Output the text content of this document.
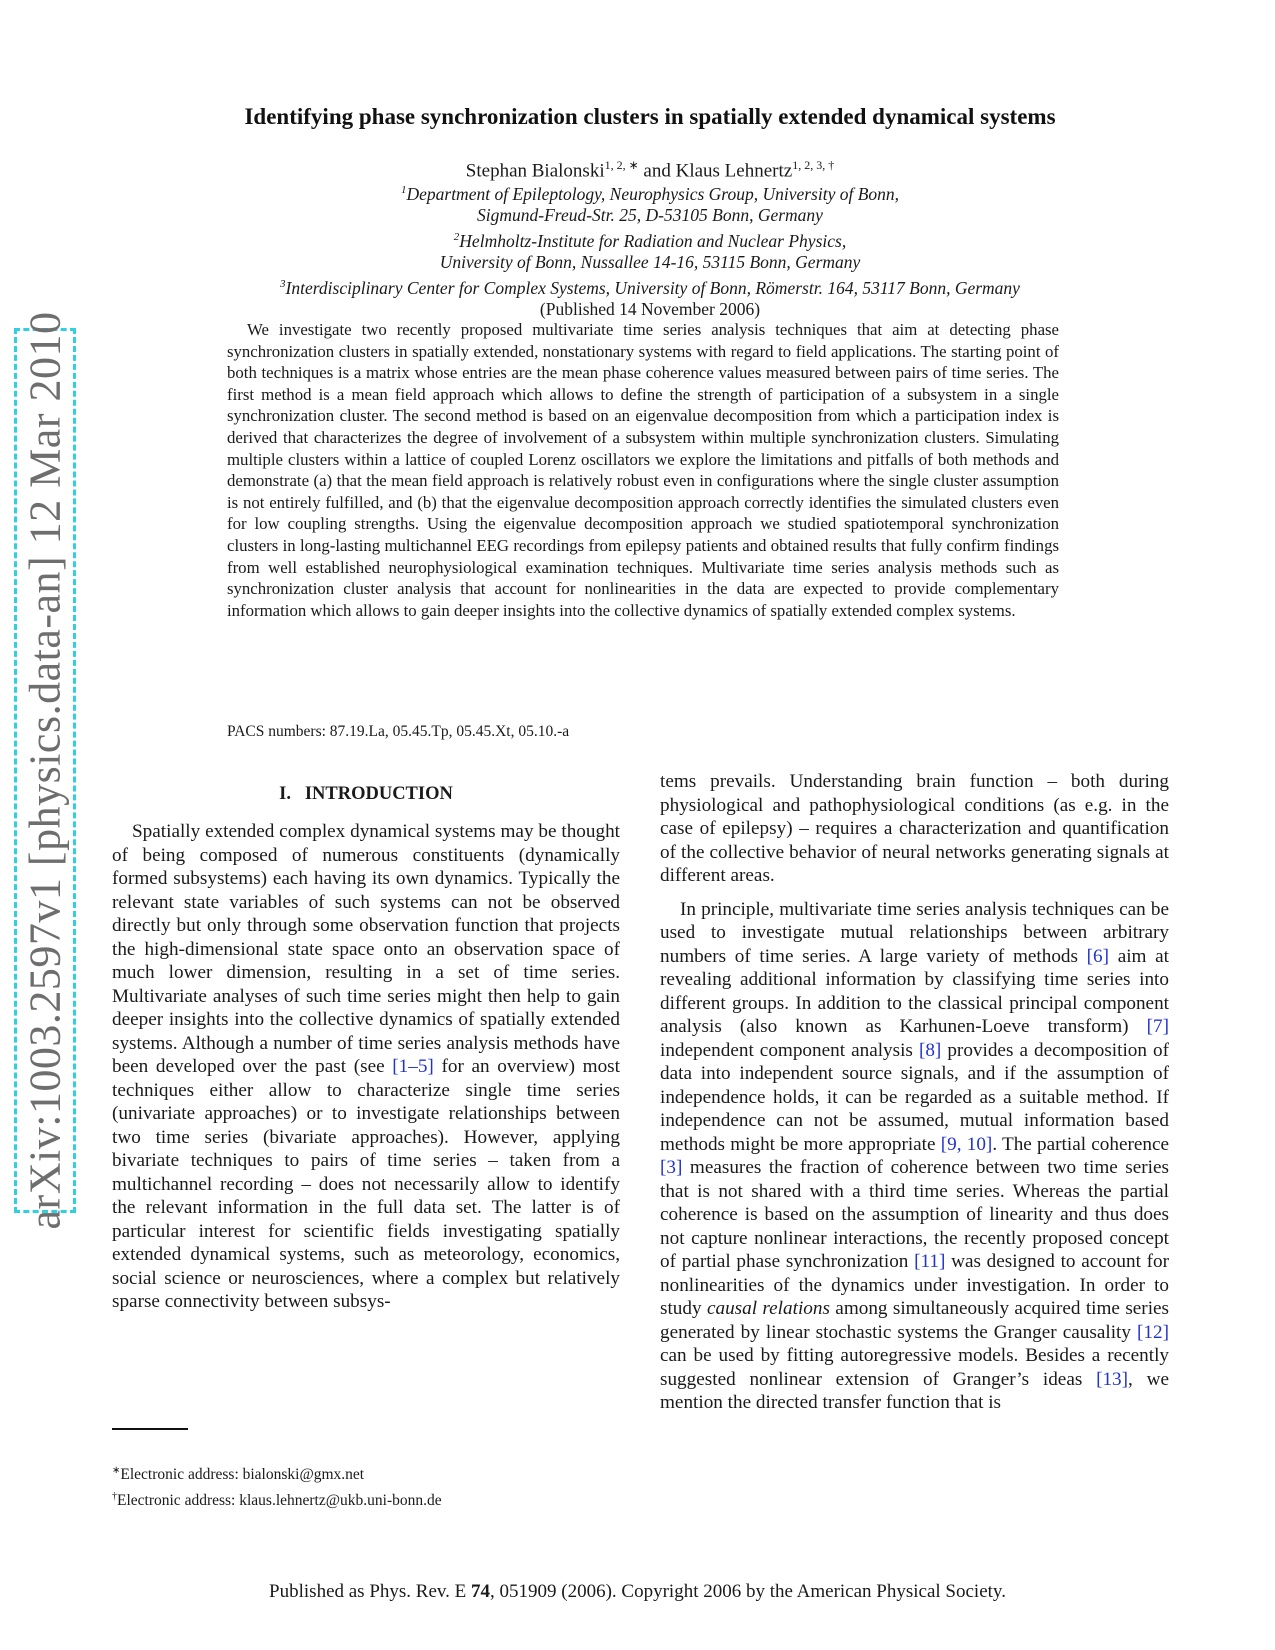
arXiv:1003.2597v1 [physics.data-an] 12 Mar 2010
Identifying phase synchronization clusters in spatially extended dynamical systems
Stephan Bialonski$^{1, 2, ∗}$ and Klaus Lehnertz$^{1, 2, 3, \dagger}$
$^1$Department of Epileptology, Neurophysics Group, University of Bonn,
Sigmund-Freud-Str. 25, D-53105 Bonn, Germany
$^2$Helmholtz-Institute for Radiation and Nuclear Physics,
University of Bonn, Nussallee 14-16, 53115 Bonn, Germany
$^3$Interdisciplinary Center for Complex Systems, University of Bonn, Römerstr. 164, 53117 Bonn, Germany
(Published 14 November 2006)

We investigate two recently proposed multivariate time series analysis techniques that aim at detecting phase synchronization clusters in spatially extended, nonstationary systems with regard to field applications. The starting point of both techniques is a matrix whose entries are the mean phase coherence values measured between pairs of time series. The first method is a mean field approach which allows to define the strength of participation of a subsystem in a single synchronization cluster. The second method is based on an eigenvalue decomposition from which a participation index is derived that characterizes the degree of involvement of a subsystem within multiple synchronization clusters. Simulating multiple clusters within a lattice of coupled Lorenz oscillators we explore the limitations and pitfalls of both methods and demonstrate (a) that the mean field approach is relatively robust even in configurations where the single cluster assumption is not entirely fulfilled, and (b) that the eigenvalue decomposition approach correctly identifies the simulated clusters even for low coupling strengths. Using the eigenvalue decomposition approach we studied spatiotemporal synchronization clusters in long-lasting multichannel EEG recordings from epilepsy patients and obtained results that fully confirm findings from well established neurophysiological examination techniques. Multivariate time series analysis methods such as synchronization cluster analysis that account for nonlinearities in the data are expected to provide complementary information which allows to gain deeper insights into the collective dynamics of spatially extended complex systems.

PACS numbers: 87.19.La, 05.45.Tp, 05.45.Xt, 05.10.-a
I. INTRODUCTION

Spatially extended complex dynamical systems may be thought of being composed of numerous constituents (dynamically formed subsystems) each having its own dynamics. Typically the relevant state variables of such systems can not be observed directly but only through some observation function that projects the high-dimensional state space onto an observation space of much lower dimension, resulting in a set of time series. Multivariate analyses of such time series might then help to gain deeper insights into the collective dynamics of spatially extended systems. Although a number of time series analysis methods have been developed over the past (see [1–5] for an overview) most techniques either allow to characterize single time series (univariate approaches) or to investigate relationships between two time series (bivariate approaches). However, applying bivariate techniques to pairs of time series – taken from a multichannel recording – does not necessarily allow to identify the relevant information in the full data set. The latter is of particular interest for scientific fields investigating spatially extended dynamical systems, such as meteorology, economics, social science or neurosciences, where a complex but relatively sparse connectivity between subsys-

tems prevails. Understanding brain function – both during physiological and pathophysiological conditions (as e.g. in the case of epilepsy) – requires a characterization and quantification of the collective behavior of neural networks generating signals at different areas.

In principle, multivariate time series analysis techniques can be used to investigate mutual relationships between arbitrary numbers of time series. A large variety of methods [6] aim at revealing additional information by classifying time series into different groups. In addition to the classical principal component analysis (also known as Karhunen-Loeve transform) [7] independent component analysis [8] provides a decomposition of data into independent source signals, and if the assumption of independence holds, it can be regarded as a suitable method. If independence can not be assumed, mutual information based methods might be more appropriate [9, 10]. The partial coherence [3] measures the fraction of coherence between two time series that is not shared with a third time series. Whereas the partial coherence is based on the assumption of linearity and thus does not capture nonlinear interactions, the recently proposed concept of partial phase synchronization [11] was designed to account for nonlinearities of the dynamics under investigation. In order to study causal relations among simultaneously acquired time series generated by linear stochastic systems the Granger causality [12] can be used by fitting autoregressive models. Besides a recently suggested nonlinear extension of Granger’s ideas [13], we mention the directed transfer function that is

∗Electronic address: bialonski@gmx.net
†Electronic address: klaus.lehnertz@ukb.uni-bonn.de
Published as Phys. Rev. E 74, 051909 (2006). Copyright 2006 by the American Physical Society.
